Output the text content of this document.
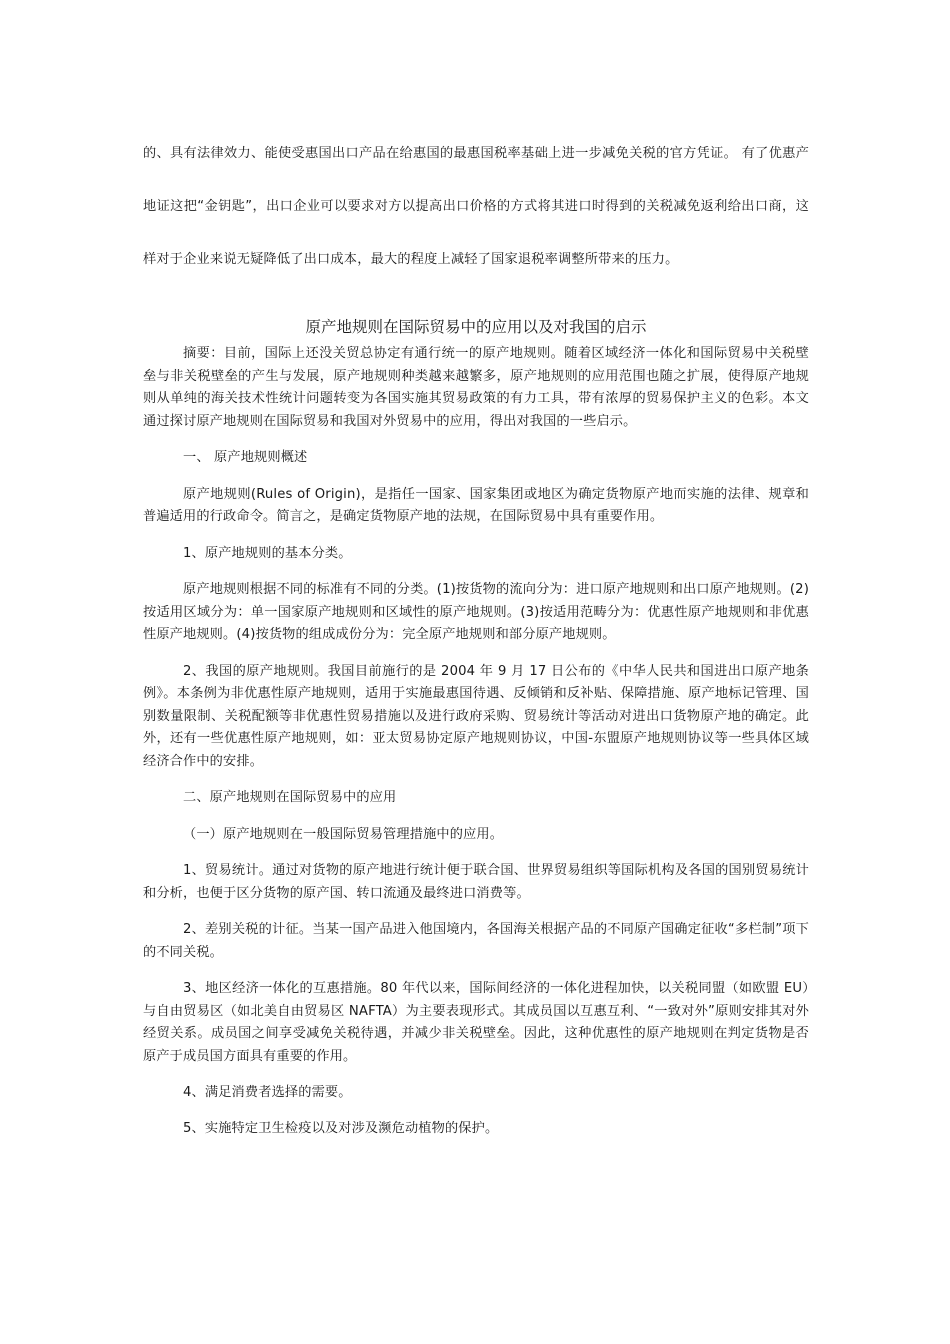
的、具有法律效力、能使受惠国出口产品在给惠国的最惠国税率基础上进一步减免关税的官方凭证。 有了优惠产地证这把“金钥匙”，出口企业可以要求对方以提高出口价格的方式将其进口时得到的关税减免返利给出口商，这样对于企业来说无疑降低了出口成本，最大的程度上减轻了国家退税率调整所带来的压力。

原产地规则在国际贸易中的应用以及对我国的启示

摘要：目前，国际上还没关贸总协定有通行统一的原产地规则。随着区域经济一体化和国际贸易中关税壁垒与非关税壁垒的产生与发展，原产地规则种类越来越繁多，原产地规则的应用范围也随之扩展，使得原产地规则从单纯的海关技术性统计问题转变为各国实施其贸易政策的有力工具，带有浓厚的贸易保护主义的色彩。本文通过探讨原产地规则在国际贸易和我国对外贸易中的应用，得出对我国的一些启示。

一、 原产地规则概述

原产地规则(Rules of Origin)，是指任一国家、国家集团或地区为确定货物原产地而实施的法律、规章和普遍适用的行政命令。简言之，是确定货物原产地的法规，在国际贸易中具有重要作用。

1、原产地规则的基本分类。

原产地规则根据不同的标准有不同的分类。(1)按货物的流向分为：进口原产地规则和出口原产地规则。(2)按适用区域分为：单一国家原产地规则和区域性的原产地规则。(3)按适用范畴分为：优惠性原产地规则和非优惠性原产地规则。(4)按货物的组成成份分为：完全原产地规则和部分原产地规则。

2、我国的原产地规则。我国目前施行的是 2004 年 9 月 17 日公布的《中华人民共和国进出口原产地条例》。本条例为非优惠性原产地规则，适用于实施最惠国待遇、反倾销和反补贴、保障措施、原产地标记管理、国别数量限制、关税配额等非优惠性贸易措施以及进行政府采购、贸易统计等活动对进出口货物原产地的确定。此外，还有一些优惠性原产地规则，如：亚太贸易协定原产地规则协议，中国-东盟原产地规则协议等一些具体区域经济合作中的安排。

二、原产地规则在国际贸易中的应用

（一）原产地规则在一般国际贸易管理措施中的应用。

1、贸易统计。通过对货物的原产地进行统计便于联合国、世界贸易组织等国际机构及各国的国别贸易统计和分析，也便于区分货物的原产国、转口流通及最终进口消费等。

2、差别关税的计征。当某一国产品进入他国境内，各国海关根据产品的不同原产国确定征收“多栏制”项下的不同关税。

3、地区经济一体化的互惠措施。80 年代以来，国际间经济的一体化进程加快，以关税同盟（如欧盟 EU）与自由贸易区（如北美自由贸易区 NAFTA）为主要表现形式。其成员国以互惠互利、“一致对外”原则安排其对外经贸关系。成员国之间享受减免关税待遇，并减少非关税壁垒。因此，这种优惠性的原产地规则在判定货物是否原产于成员国方面具有重要的作用。

4、满足消费者选择的需要。

5、实施特定卫生检疫以及对涉及濒危动植物的保护。
